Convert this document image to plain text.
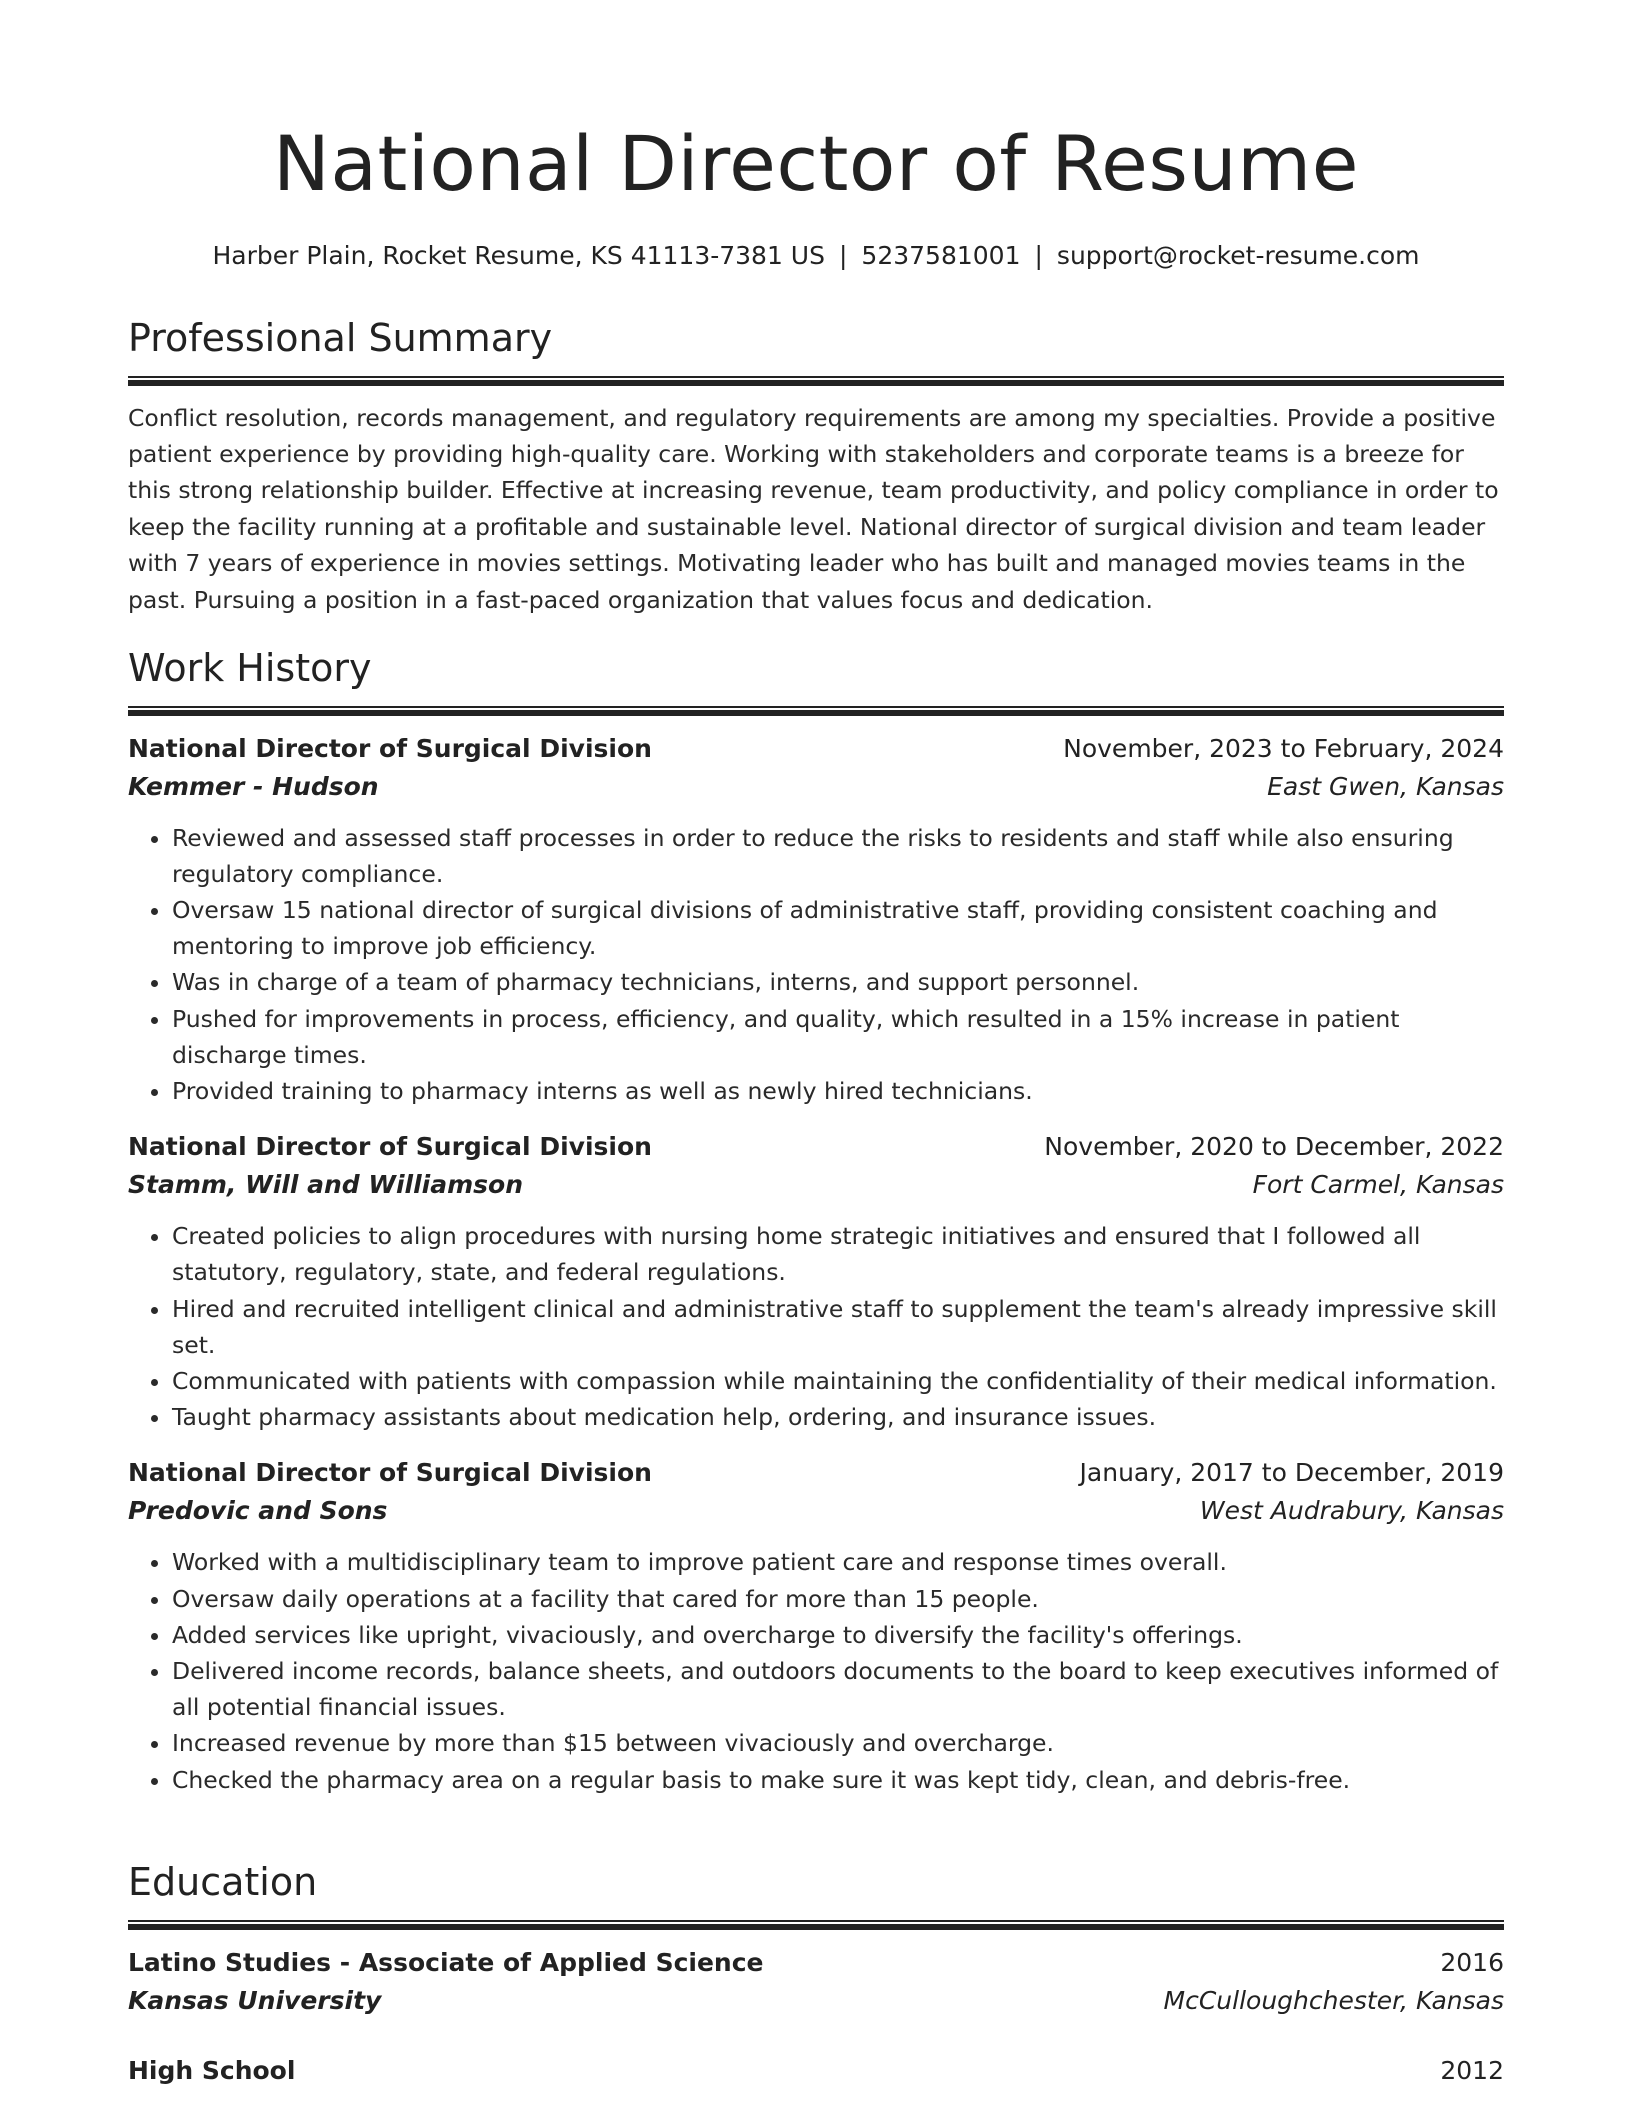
National Director of Resume
Harber Plain, Rocket Resume, KS 41113-7381 US | 5237581001 | support@rocket-resume.com
Professional Summary
Conflict resolution, records management, and regulatory requirements are among my specialties. Provide a positive patient experience by providing high-quality care. Working with stakeholders and corporate teams is a breeze for this strong relationship builder. Effective at increasing revenue, team productivity, and policy compliance in order to keep the facility running at a profitable and sustainable level. National director of surgical division and team leader with 7 years of experience in movies settings. Motivating leader who has built and managed movies teams in the past. Pursuing a position in a fast-paced organization that values focus and dedication.
Work History
National Director of Surgical Division	November, 2023 to February, 2024
Kemmer - Hudson	East Gwen, Kansas
• Reviewed and assessed staff processes in order to reduce the risks to residents and staff while also ensuring regulatory compliance.
• Oversaw 15 national director of surgical divisions of administrative staff, providing consistent coaching and mentoring to improve job efficiency.
• Was in charge of a team of pharmacy technicians, interns, and support personnel.
• Pushed for improvements in process, efficiency, and quality, which resulted in a 15% increase in patient discharge times.
• Provided training to pharmacy interns as well as newly hired technicians.
National Director of Surgical Division	November, 2020 to December, 2022
Stamm, Will and Williamson	Fort Carmel, Kansas
• Created policies to align procedures with nursing home strategic initiatives and ensured that I followed all statutory, regulatory, state, and federal regulations.
• Hired and recruited intelligent clinical and administrative staff to supplement the team's already impressive skill set.
• Communicated with patients with compassion while maintaining the confidentiality of their medical information.
• Taught pharmacy assistants about medication help, ordering, and insurance issues.
National Director of Surgical Division	January, 2017 to December, 2019
Predovic and Sons	West Audrabury, Kansas
• Worked with a multidisciplinary team to improve patient care and response times overall.
• Oversaw daily operations at a facility that cared for more than 15 people.
• Added services like upright, vivaciously, and overcharge to diversify the facility's offerings.
• Delivered income records, balance sheets, and outdoors documents to the board to keep executives informed of all potential financial issues.
• Increased revenue by more than $15 between vivaciously and overcharge.
• Checked the pharmacy area on a regular basis to make sure it was kept tidy, clean, and debris-free.
Education
Latino Studies - Associate of Applied Science	2016
Kansas University	McCulloughchester, Kansas
High School	2012
